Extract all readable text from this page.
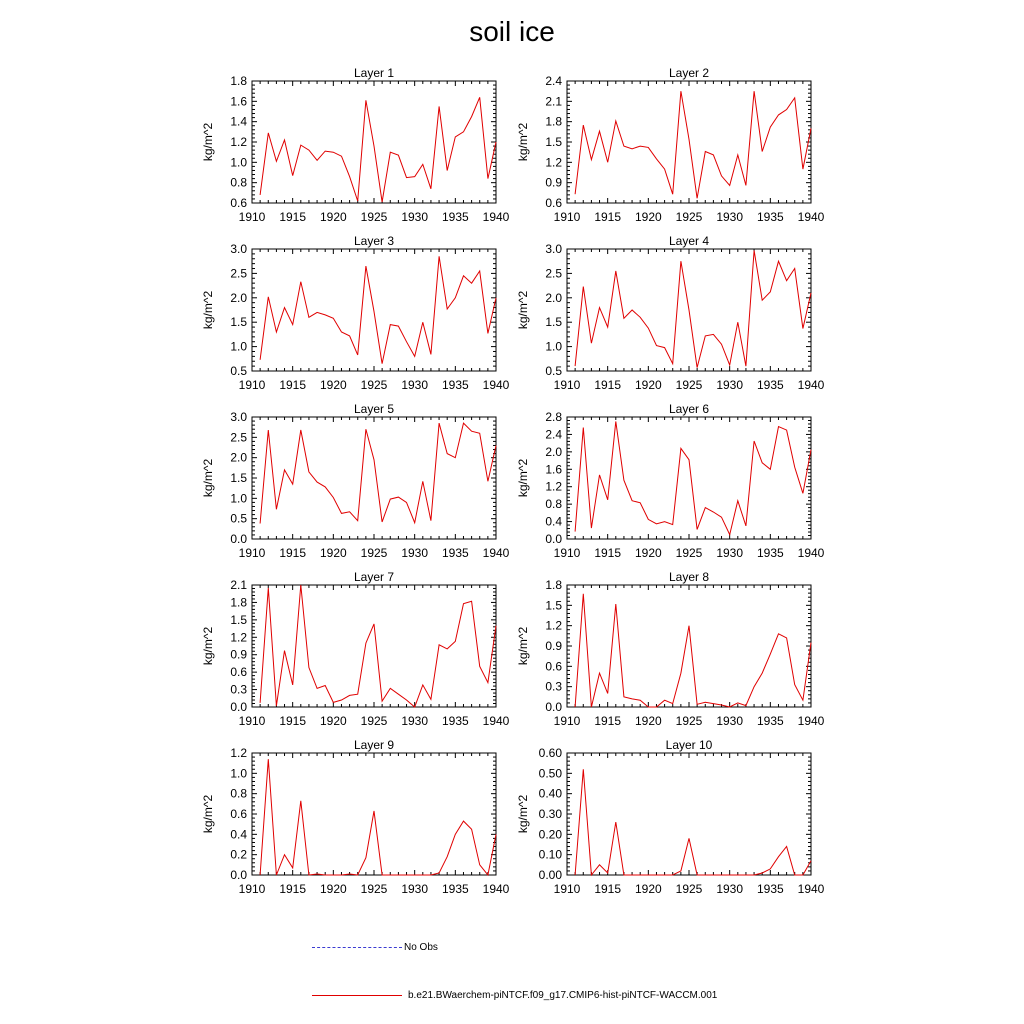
soil ice
Layer 1
kg/m^2
0.6
0.8
1.0
1.2
1.4
1.6
1.8
1910 1915 1920 1925 1930 1935 1940
Layer 2
kg/m^2
0.6
0.9
1.2
1.5
1.8
2.1
2.4
1910 1915 1920 1925 1930 1935 1940
Layer 3
kg/m^2
0.5
1.0
1.5
2.0
2.5
3.0
1910 1915 1920 1925 1930 1935 1940
Layer 4
kg/m^2
0.5
1.0
1.5
2.0
2.5
3.0
1910 1915 1920 1925 1930 1935 1940
Layer 5
kg/m^2
0.0
0.5
1.0
1.5
2.0
2.5
3.0
1910 1915 1920 1925 1930 1935 1940
Layer 6
kg/m^2
0.0
0.4
0.8
1.2
1.6
2.0
2.4
2.8
1910 1915 1920 1925 1930 1935 1940
Layer 7
kg/m^2
0.0
0.3
0.6
0.9
1.2
1.5
1.8
2.1
1910 1915 1920 1925 1930 1935 1940
Layer 8
kg/m^2
0.0
0.3
0.6
0.9
1.2
1.5
1.8
1910 1915 1920 1925 1930 1935 1940
Layer 9
kg/m^2
0.0
0.2
0.4
0.6
0.8
1.0
1.2
1910 1915 1920 1925 1930 1935 1940
Layer 10
kg/m^2
0.00
0.10
0.20
0.30
0.40
0.50
0.60
1910 1915 1920 1925 1930 1935 1940
No Obs
b.e21.BWaerchem-piNTCF.f09_g17.CMIP6-hist-piNTCF-WACCM.001
